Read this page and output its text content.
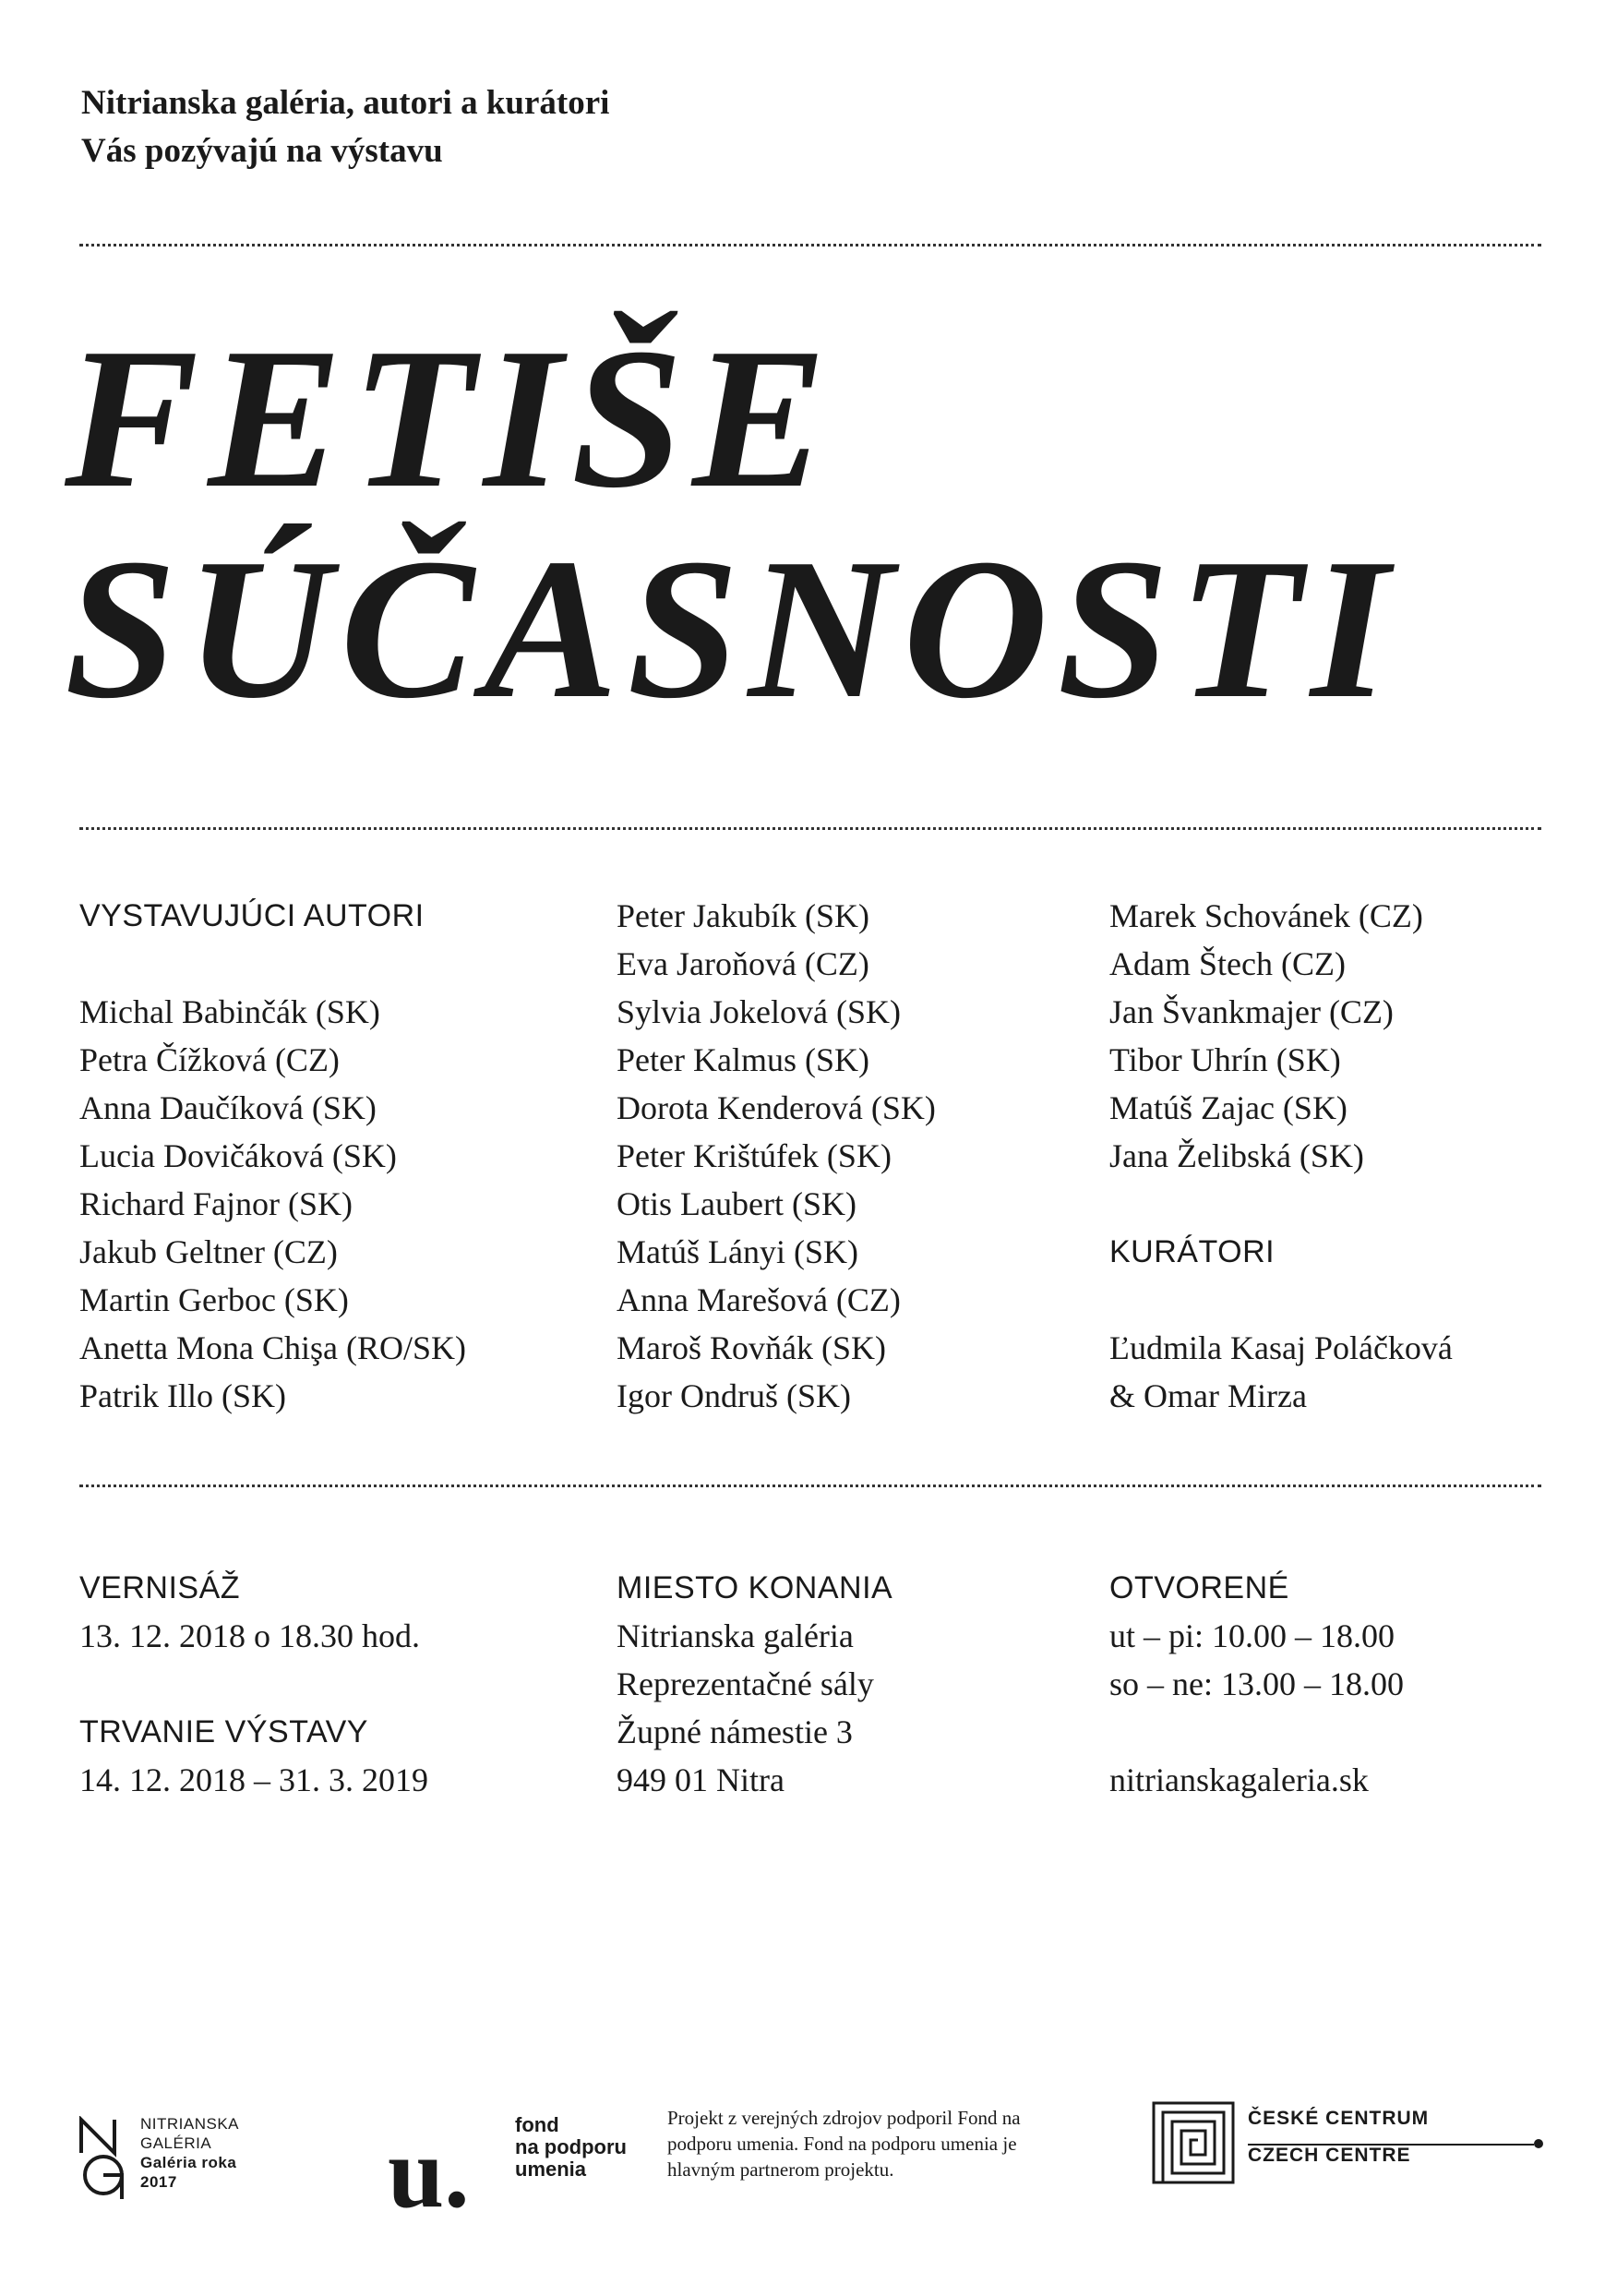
Nitrianska galéria, autori a kurátori
Vás pozývajú na výstavu
FETIŠE
SÚČASNOSTI
VYSTAVUJÚCI AUTORI
Michal Babinčák (SK)
Petra Čížková (CZ)
Anna Daučíková (SK)
Lucia Dovičáková (SK)
Richard Fajnor (SK)
Jakub Geltner (CZ)
Martin Gerboc (SK)
Anetta Mona Chişa (RO/SK)
Patrik Illo (SK)
Peter Jakubík (SK)
Eva Jaroňová (CZ)
Sylvia Jokelová (SK)
Peter Kalmus (SK)
Dorota Kenderová (SK)
Peter Krištúfek (SK)
Otis Laubert (SK)
Matúš Lányi (SK)
Anna Marešová (CZ)
Maroš Rovňák (SK)
Igor Ondruš (SK)
Marek Schovánek (CZ)
Adam Štech (CZ)
Jan Švankmajer (CZ)
Tibor Uhrín (SK)
Matúš Zajac (SK)
Jana Želibská (SK)
KURÁTORI
Ľudmila Kasaj Poláčková
& Omar Mirza
VERNISÁŽ
13. 12. 2018 o 18.30 hod.
TRVANIE VÝSTAVY
14. 12. 2018 – 31. 3. 2019
MIESTO KONANIA
Nitrianska galéria
Reprezentačné sály
Župné námestie 3
949 01 Nitra
OTVORENÉ
ut – pi: 10.00 – 18.00
so – ne: 13.00 – 18.00
nitrianskagaleria.sk
NITRIANSKA
GALÉRIA
Galéria roka
2017	u. fond
na podporu
umenia
Projekt z verejných zdrojov podporil Fond na podporu umenia. Fond na podporu umenia je hlavným partnerom projektu.
ČESKÉ CENTRUM
CZECH CENTRE
